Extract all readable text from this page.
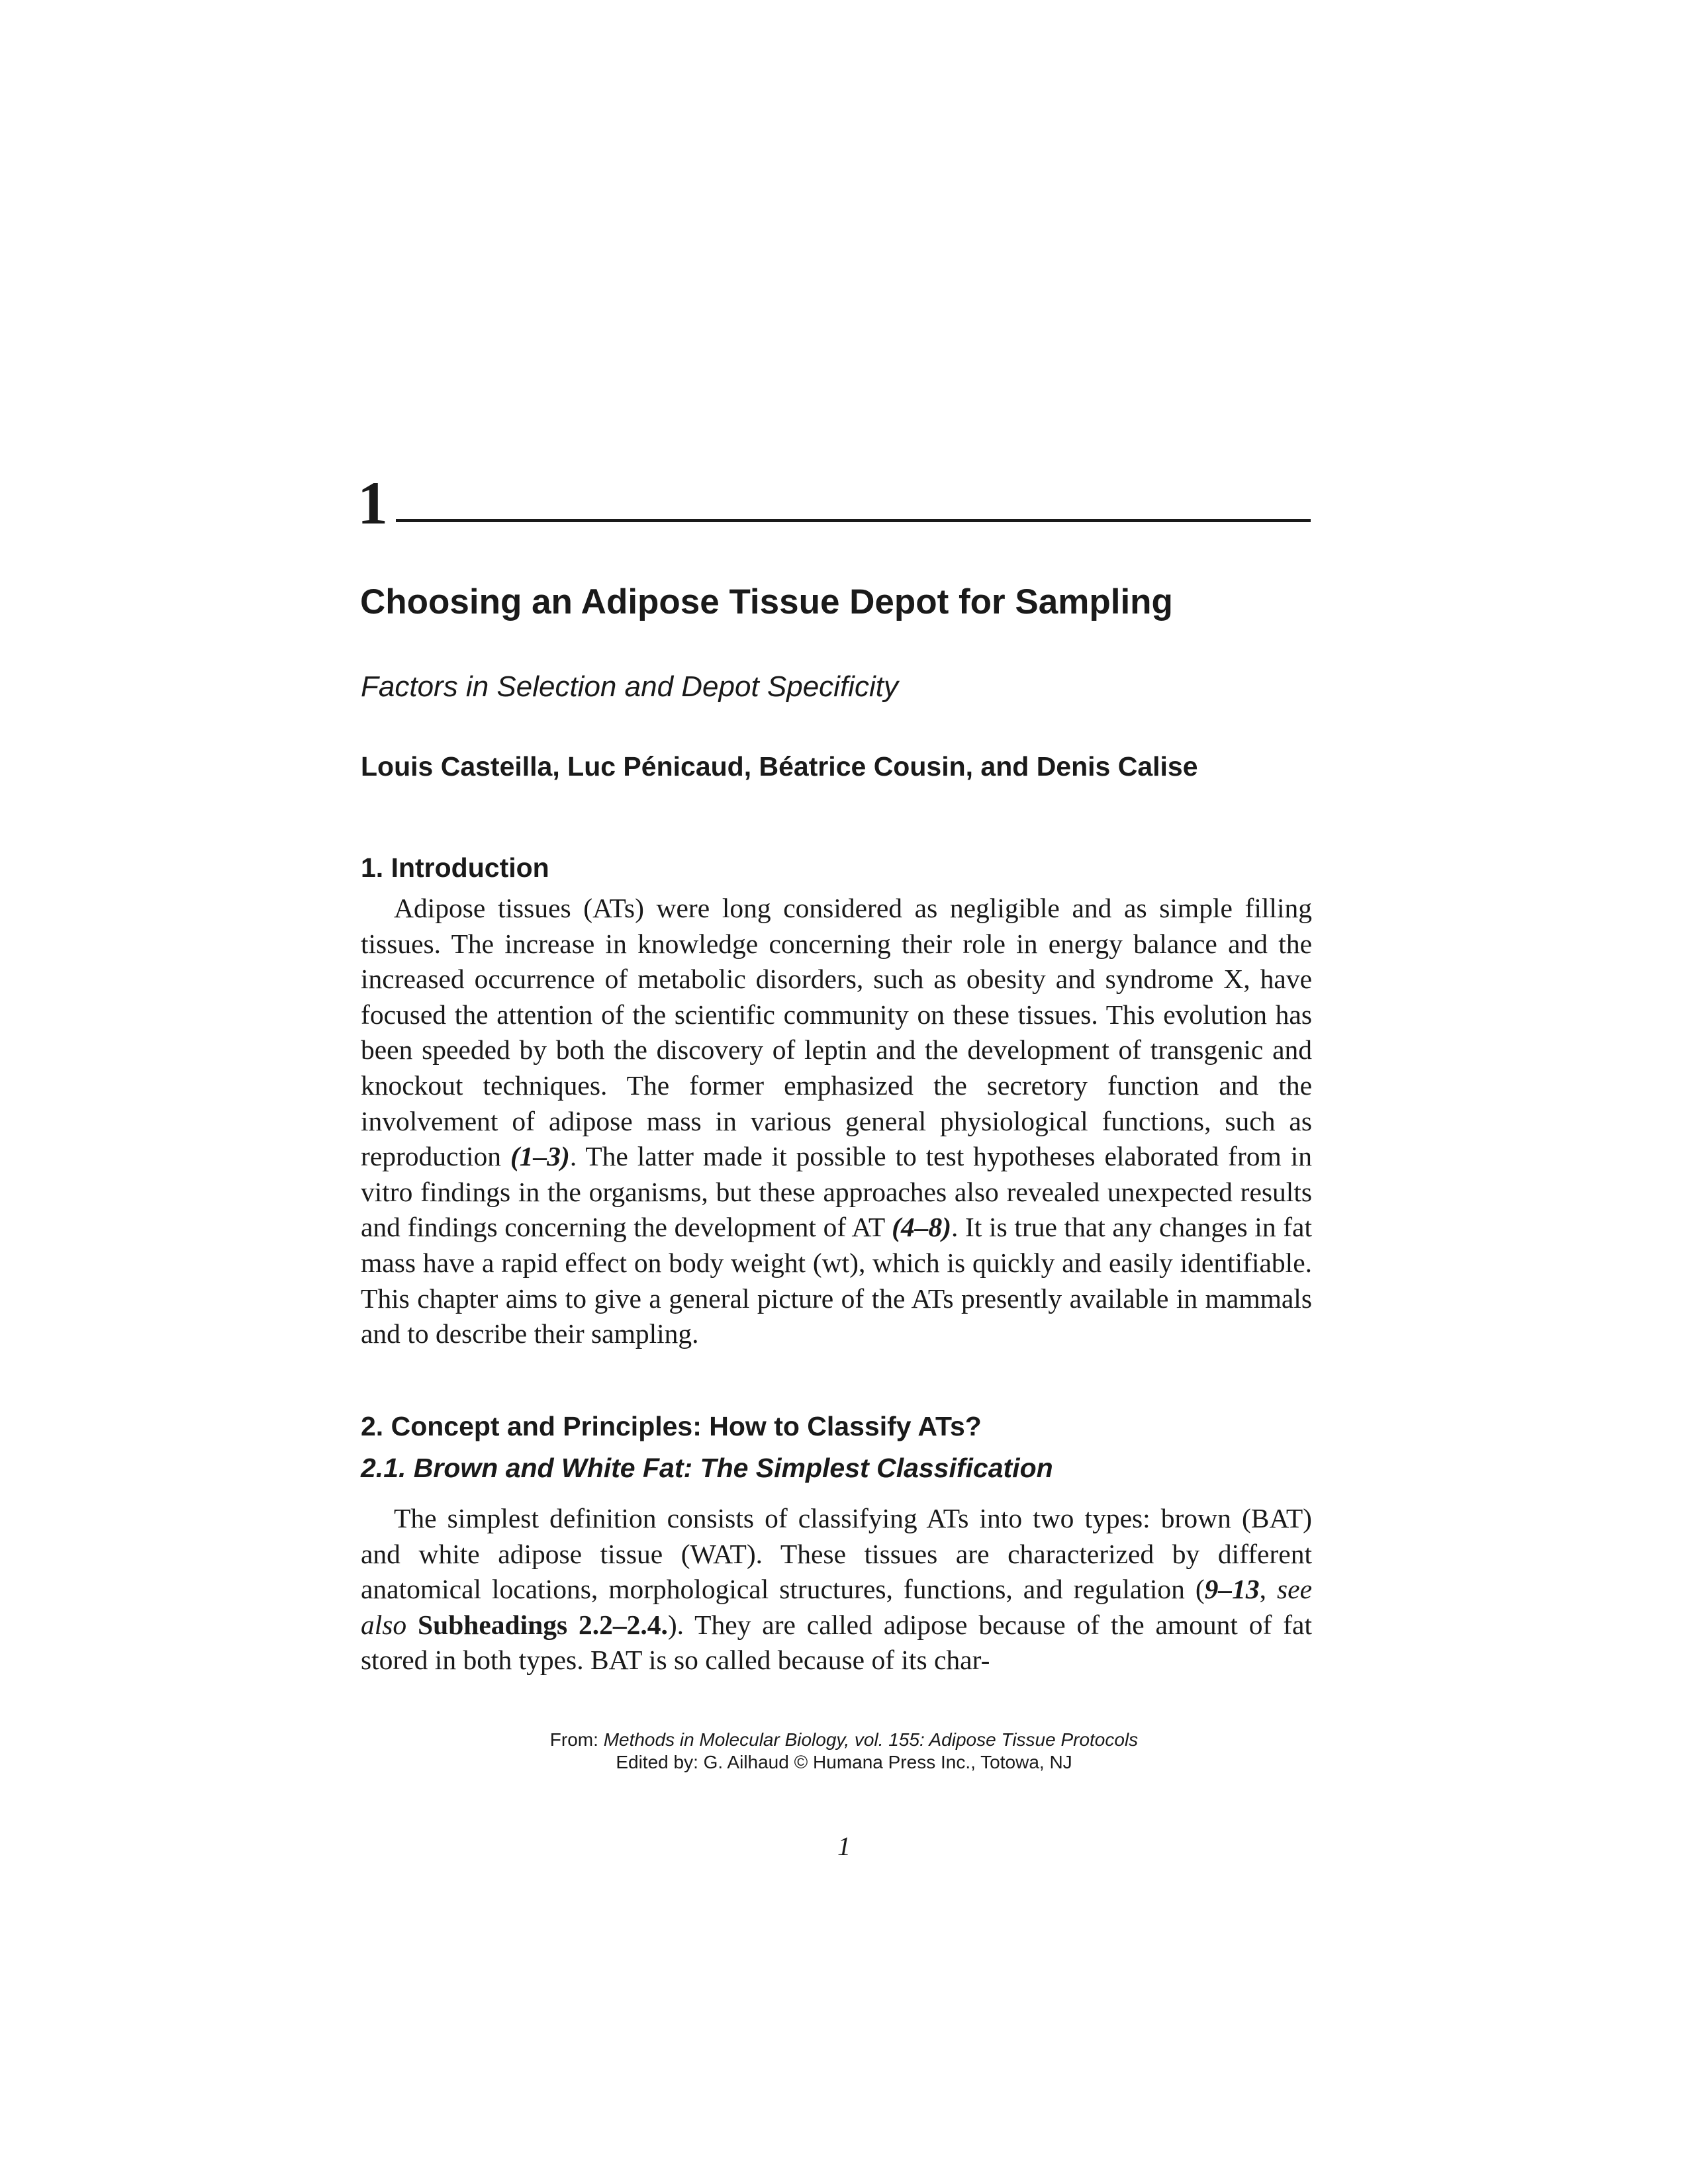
1
Choosing an Adipose Tissue Depot for Sampling
Factors in Selection and Depot Specificity
Louis Casteilla, Luc Pénicaud, Béatrice Cousin, and Denis Calise
1. Introduction

Adipose tissues (ATs) were long considered as negligible and as simple filling tissues. The increase in knowledge concerning their role in energy balance and the increased occurrence of metabolic disorders, such as obesity and syndrome X, have focused the attention of the scientific community on these tissues. This evolution has been speeded by both the discovery of leptin and the development of transgenic and knockout techniques. The former emphasized the secretory function and the involvement of adipose mass in various general physiological functions, such as reproduction (1–3). The latter made it possible to test hypotheses elaborated from in vitro findings in the organisms, but these approaches also revealed unexpected results and findings concerning the development of AT (4–8). It is true that any changes in fat mass have a rapid effect on body weight (wt), which is quickly and easily identifiable. This chapter aims to give a general picture of the ATs presently available in mammals and to describe their sampling.

2. Concept and Principles: How to Classify ATs?
2.1. Brown and White Fat: The Simplest Classification

The simplest definition consists of classifying ATs into two types: brown (BAT) and white adipose tissue (WAT). These tissues are characterized by different anatomical locations, morphological structures, functions, and regulation (9–13, see also Subheadings 2.2–2.4.). They are called adipose because of the amount of fat stored in both types. BAT is so called because of its char-

From: Methods in Molecular Biology, vol. 155: Adipose Tissue Protocols
Edited by: G. Ailhaud © Humana Press Inc., Totowa, NJ
1
